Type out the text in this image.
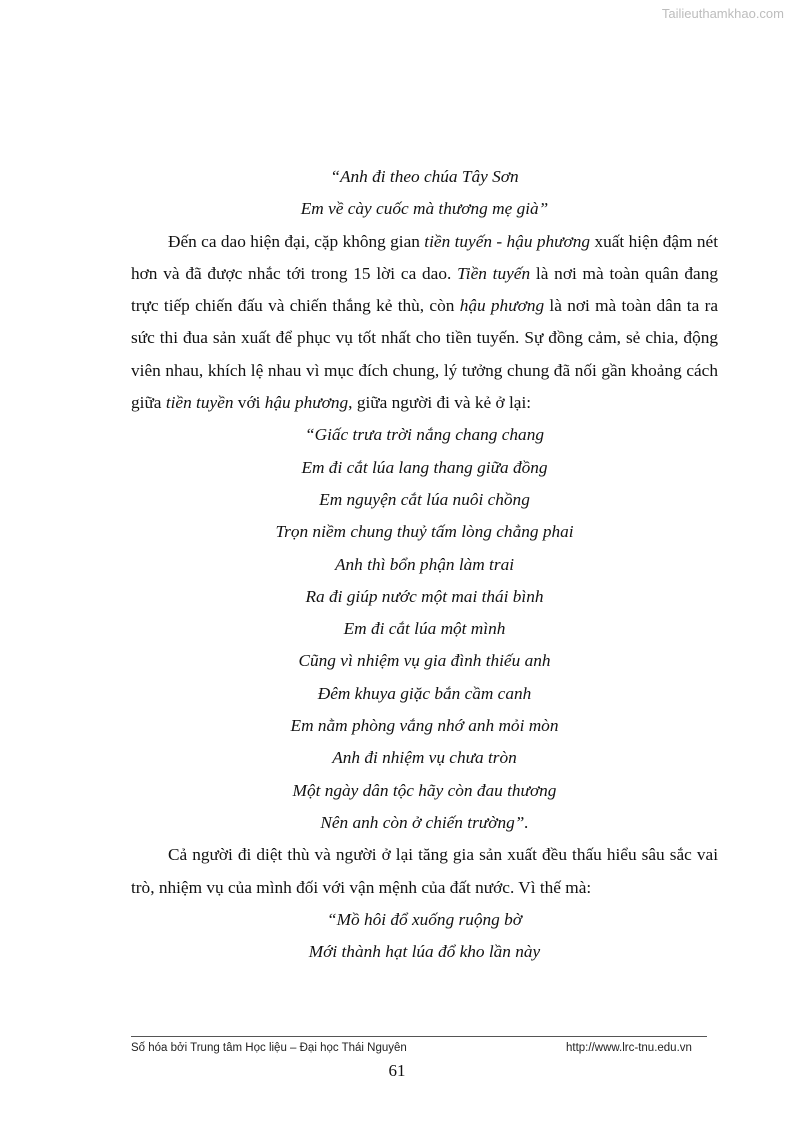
Tailieuthamkhao.com
“Anh đi theo chúa Tây Sơn
Em về cày cuốc mà thương mẹ già”
Đến ca dao hiện đại, cặp không gian tiền tuyến - hậu phương xuất hiện đậm nét hơn và đã được nhắc tới trong 15 lời ca dao. Tiền tuyến là nơi mà toàn quân đang trực tiếp chiến đấu và chiến thắng kẻ thù, còn hậu phương là nơi mà toàn dân ta ra sức thi đua sản xuất để phục vụ tốt nhất cho tiền tuyến. Sự đồng cảm, sẻ chia, động viên nhau, khích lệ nhau vì mục đích chung, lý tưởng chung đã nối gần khoảng cách giữa tiền tuyền với hậu phương, giữa người đi và kẻ ở lại:
“Giấc trưa trời nắng chang chang
Em đi cắt lúa lang thang giữa đồng
Em nguyện cắt lúa nuôi chồng
Trọn niềm chung thuỷ tấm lòng chẳng phai
Anh thì bổn phận làm trai
Ra đi giúp nước một mai thái bình
Em đi cắt lúa một mình
Cũng vì nhiệm vụ gia đình thiếu anh
Đêm khuya giặc bắn cầm canh
Em nằm phòng vắng nhớ anh mỏi mòn
Anh đi nhiệm vụ chưa tròn
Một ngày dân tộc hãy còn đau thương
Nên anh còn ở chiến trường”.
Cả người đi diệt thù và người ở lại tăng gia sản xuất đều thấu hiểu sâu sắc vai trò, nhiệm vụ của mình đối với vận mệnh của đất nước. Vì thế mà:
“Mồ hôi đổ xuống ruộng bờ
Mới thành hạt lúa đổ kho lần này
Số hóa bởi Trung tâm Học liệu – Đại học Thái Nguyên	http://www.lrc-tnu.edu.vn
61
